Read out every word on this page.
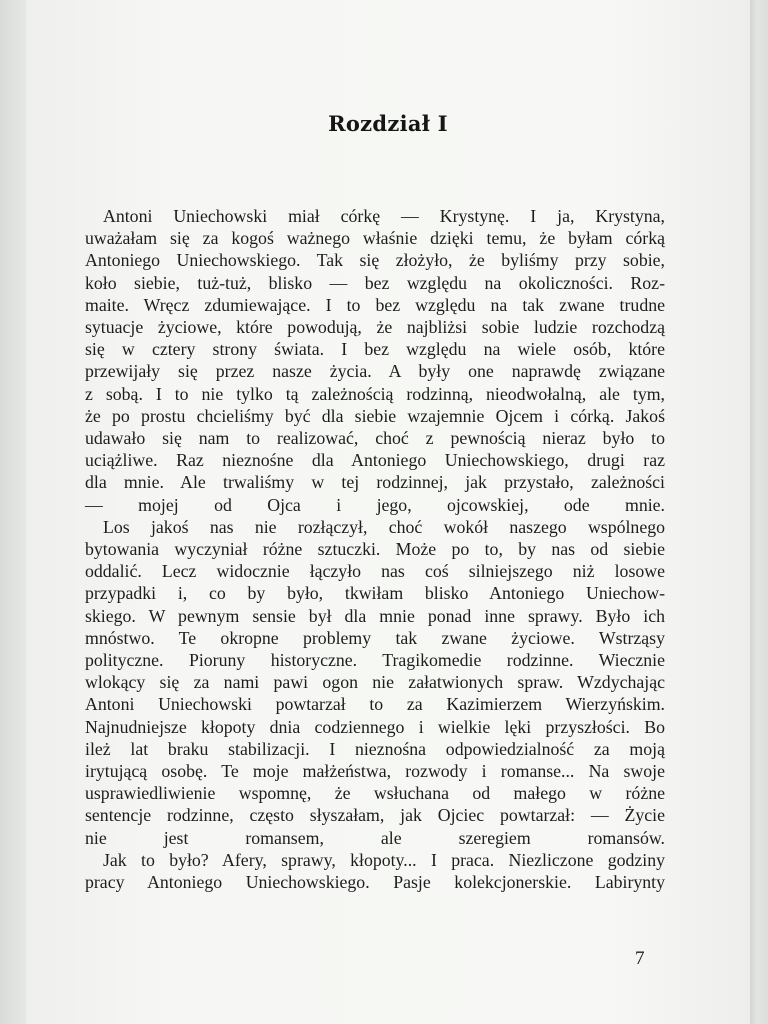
Rozdział I

Antoni Uniechowski miał córkę — Krystynę. I ja, Krystyna,
uważałam się za kogoś ważnego właśnie dzięki temu, że byłam córką
Antoniego Uniechowskiego. Tak się złożyło, że byliśmy przy sobie,
koło siebie, tuż-tuż, blisko — bez względu na okoliczności. Roz-
maite. Wręcz zdumiewające. I to bez względu na tak zwane trudne
sytuacje życiowe, które powodują, że najbliżsi sobie ludzie rozchodzą
się w cztery strony świata. I bez względu na wiele osób, które
przewijały się przez nasze życia. A były one naprawdę związane
z sobą. I to nie tylko tą zależnością rodzinną, nieodwołalną, ale tym,
że po prostu chcieliśmy być dla siebie wzajemnie Ojcem i córką. Jakoś
udawało się nam to realizować, choć z pewnością nieraz było to
uciążliwe. Raz nieznośne dla Antoniego Uniechowskiego, drugi raz
dla mnie. Ale trwaliśmy w tej rodzinnej, jak przystało, zależności
— mojej od Ojca i jego, ojcowskiej, ode mnie.

Los jakoś nas nie rozłączył, choć wokół naszego wspólnego
bytowania wyczyniał różne sztuczki. Może po to, by nas od siebie
oddalić. Lecz widocznie łączyło nas coś silniejszego niż losowe
przypadki i, co by było, tkwiłam blisko Antoniego Uniechow-
skiego. W pewnym sensie był dla mnie ponad inne sprawy. Było ich
mnóstwo. Te okropne problemy tak zwane życiowe. Wstrząsy
polityczne. Pioruny historyczne. Tragikomedie rodzinne. Wiecznie
wlokący się za nami pawi ogon nie załatwionych spraw. Wzdychając
Antoni Uniechowski powtarzał to za Kazimierzem Wierzyńskim.
Najnudniejsze kłopoty dnia codziennego i wielkie lęki przyszłości. Bo
ileż lat braku stabilizacji. I nieznośna odpowiedzialność za moją
irytującą osobę. Te moje małżeństwa, rozwody i romanse... Na swoje
usprawiedliwienie wspomnę, że wsłuchana od małego w różne
sentencje rodzinne, często słyszałam, jak Ojciec powtarzał: — Życie
nie jest romansem, ale szeregiem romansów.

Jak to było? Afery, sprawy, kłopoty... I praca. Niezliczone godziny
pracy Antoniego Uniechowskiego. Pasje kolekcjonerskie. Labirynty

7
